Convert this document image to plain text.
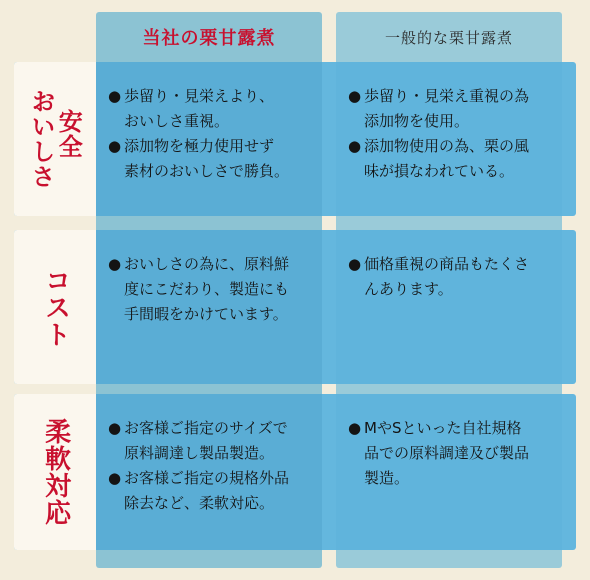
当社の栗甘露煮	一般的な栗甘露煮
おいしさ
安全
コスト
柔軟対応
● 歩留り・見栄えより、
おいしさ重視。
● 添加物を極力使用せず
素材のおいしさで勝負。
● 歩留り・見栄え重視の為
添加物を使用。
● 添加物使用の為、栗の風
味が損なわれている。
● おいしさの為に、原料鮮
度にこだわり、製造にも
手間暇をかけています。
● 価格重視の商品もたくさ
んあります。
● お客様ご指定のサイズで
原料調達し製品製造。
● お客様ご指定の規格外品
除去など、柔軟対応。
● MやSといった自社規格
品での原料調達及び製品
製造。
